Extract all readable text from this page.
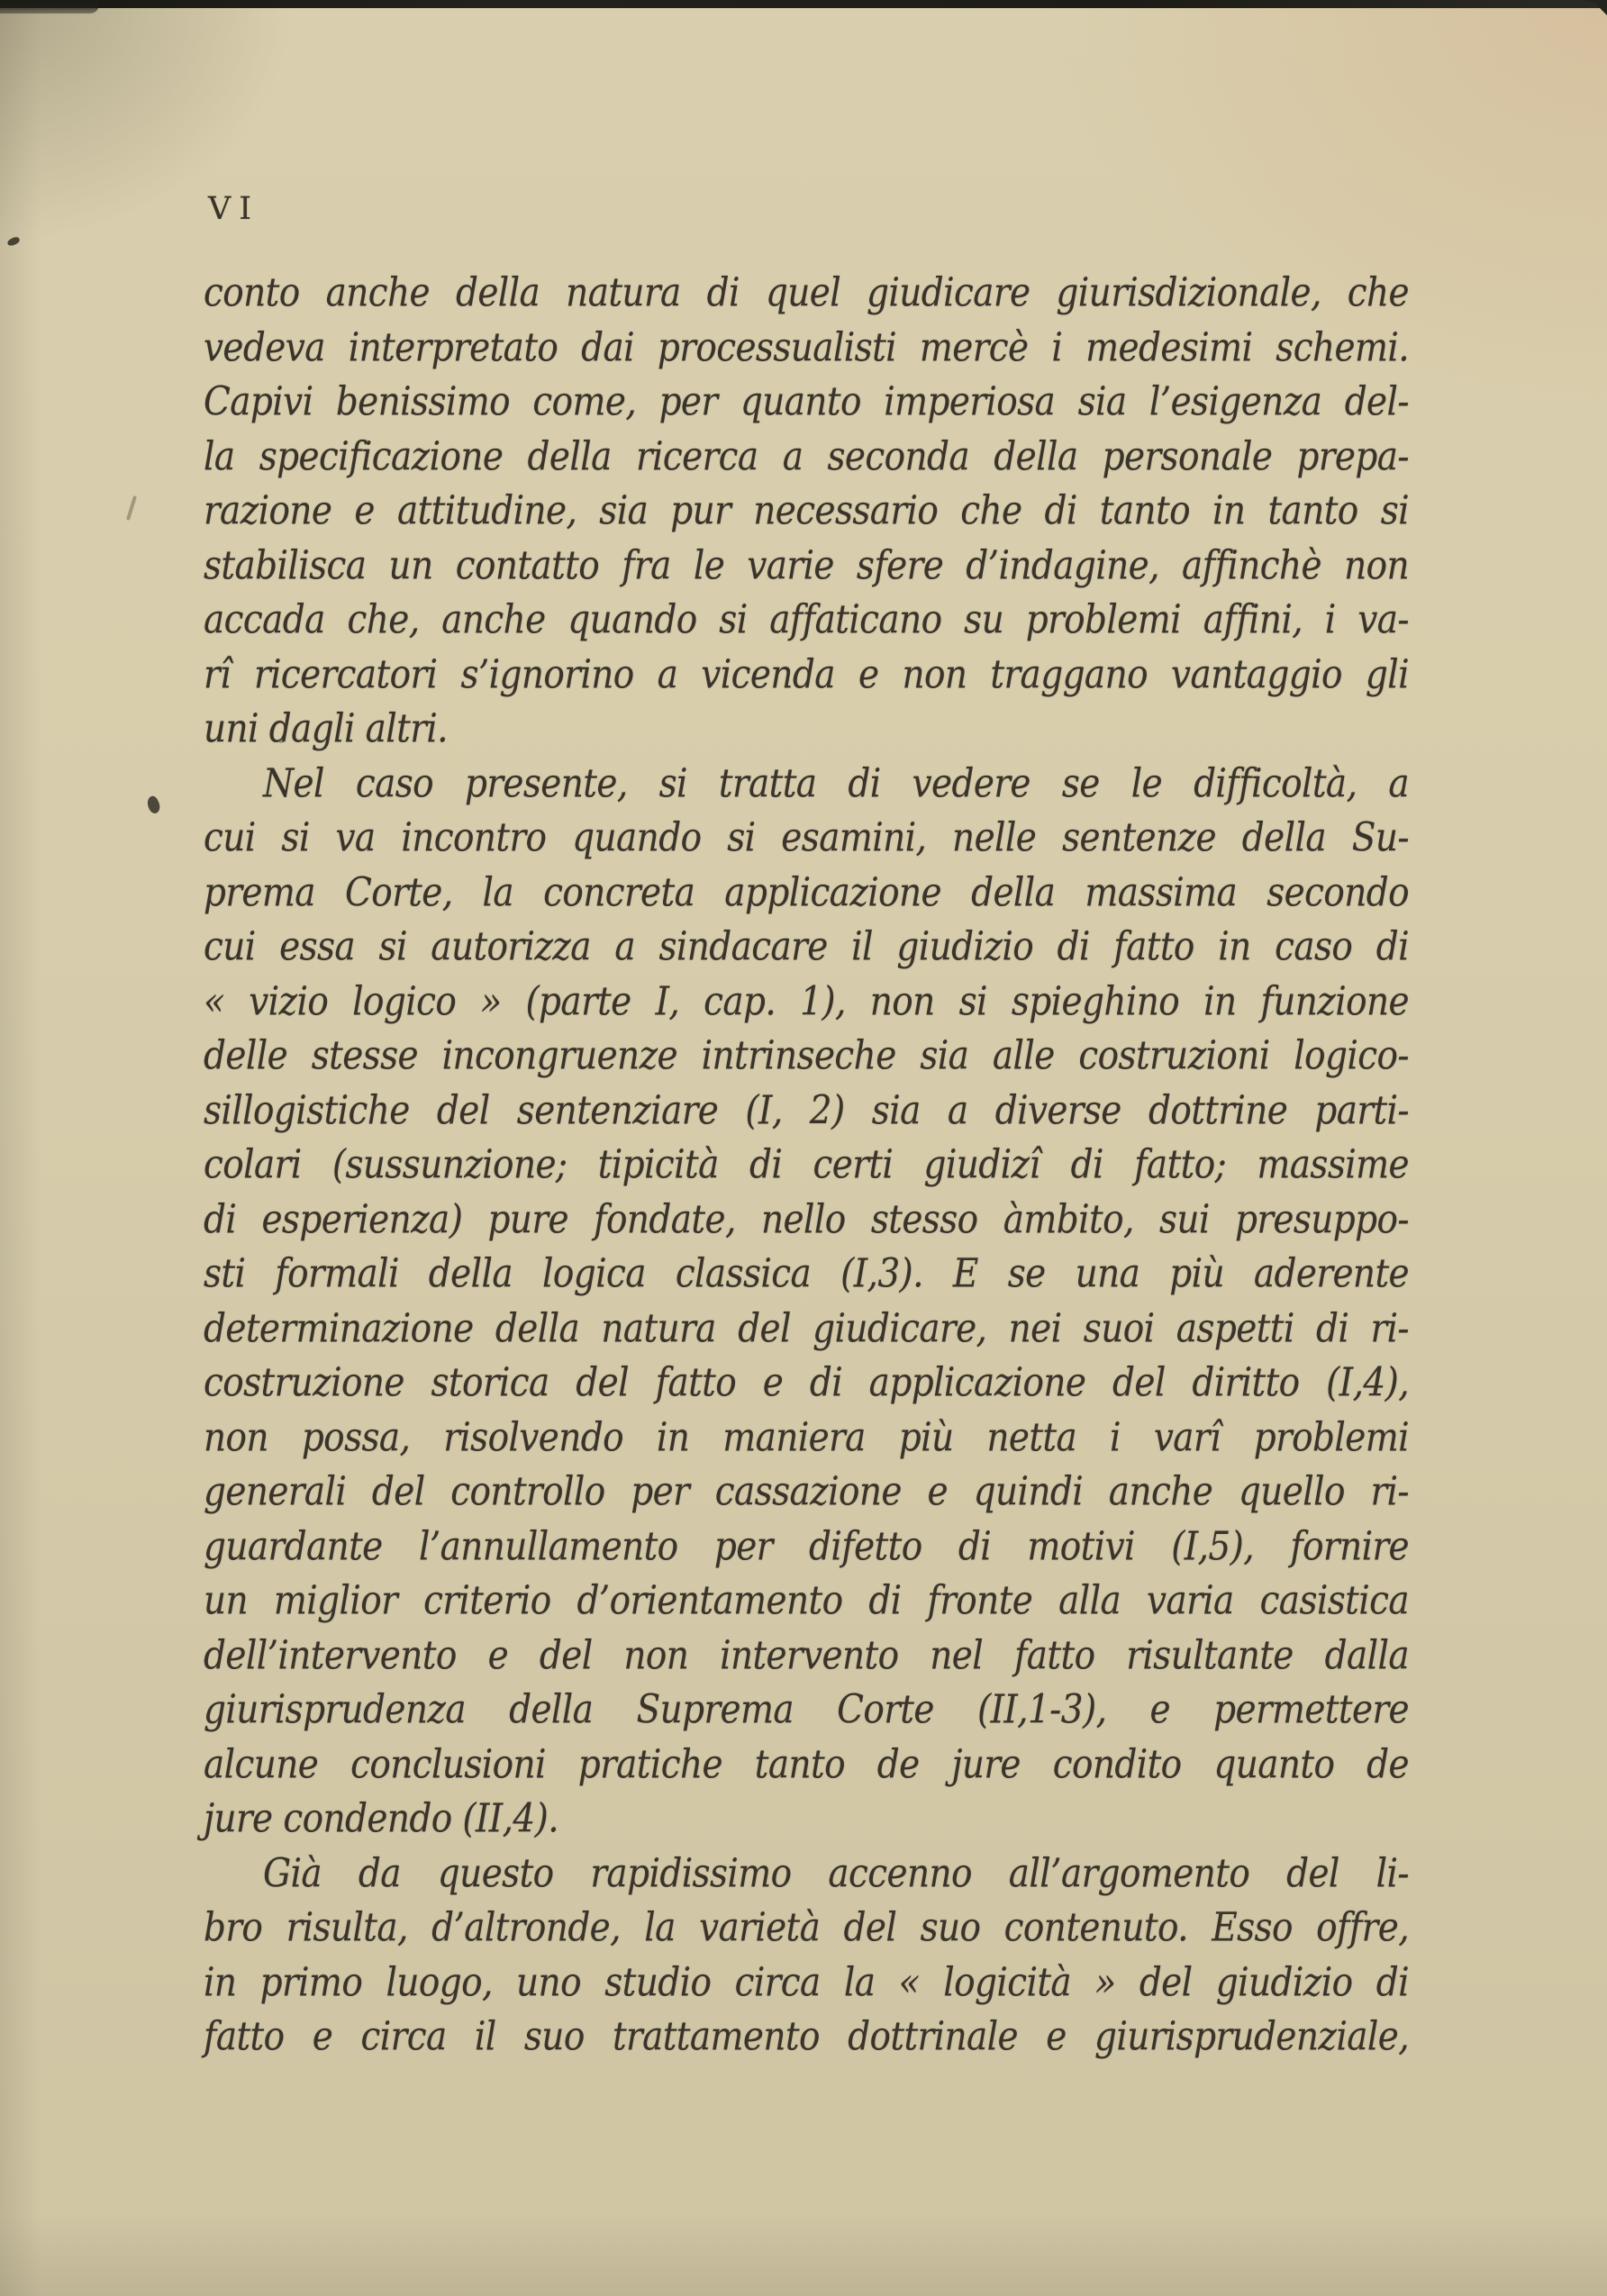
VI
conto anche della natura di quel giudicare giurisdizionale, che
vedeva interpretato dai processualisti mercè i medesimi schemi.
Capivi benissimo come, per quanto imperiosa sia l’esigenza del-
la specificazione della ricerca a seconda della personale prepa-
razione e attitudine, sia pur necessario che di tanto in tanto si
stabilisca un contatto fra le varie sfere d’indagine, affinchè non
accada che, anche quando si affaticano su problemi affini, i va-
rî ricercatori s’ignorino a vicenda e non traggano vantaggio gli
uni dagli altri.
Nel caso presente, si tratta di vedere se le difficoltà, a
cui si va incontro quando si esamini, nelle sentenze della Su-
prema Corte, la concreta applicazione della massima secondo
cui essa si autorizza a sindacare il giudizio di fatto in caso di
« vizio logico » (parte I, cap. 1), non si spieghino in funzione
delle stesse incongruenze intrinseche sia alle costruzioni logico-
sillogistiche del sentenziare (I, 2) sia a diverse dottrine parti-
colari (sussunzione; tipicità di certi giudizî di fatto; massime
di esperienza) pure fondate, nello stesso àmbito, sui presuppo-
sti formali della logica classica (I,3). E se una più aderente
determinazione della natura del giudicare, nei suoi aspetti di ri-
costruzione storica del fatto e di applicazione del diritto (I,4),
non possa, risolvendo in maniera più netta i varî problemi
generali del controllo per cassazione e quindi anche quello ri-
guardante l’annullamento per difetto di motivi (I,5), fornire
un miglior criterio d’orientamento di fronte alla varia casistica
dell’intervento e del non intervento nel fatto risultante dalla
giurisprudenza della Suprema Corte (II,1-3), e permettere
alcune conclusioni pratiche tanto de jure condito quanto de
jure condendo (II,4).
Già da questo rapidissimo accenno all’argomento del li-
bro risulta, d’altronde, la varietà del suo contenuto. Esso offre,
in primo luogo, uno studio circa la « logicità » del giudizio di
fatto e circa il suo trattamento dottrinale e giurisprudenziale,
